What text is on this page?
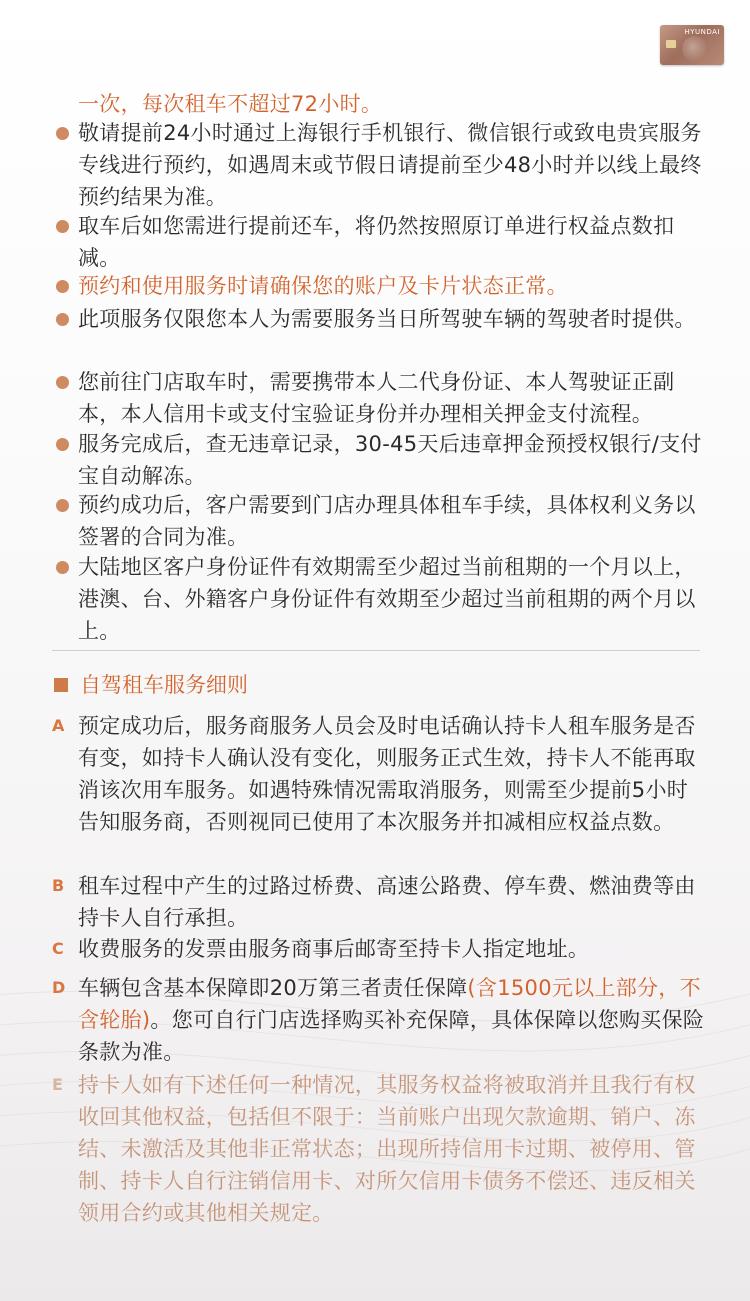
HYUNDAI
一次，每次租车不超过72小时。
敬请提前24小时通过上海银行手机银行、微信银行或致电贵宾服务专线进行预约，如遇周末或节假日请提前至少48小时并以线上最终预约结果为准。
取车后如您需进行提前还车，将仍然按照原订单进行权益点数扣减。
预约和使用服务时请确保您的账户及卡片状态正常。
此项服务仅限您本人为需要服务当日所驾驶车辆的驾驶者时提供。
您前往门店取车时，需要携带本人二代身份证、本人驾驶证正副本，本人信用卡或支付宝验证身份并办理相关押金支付流程。
服务完成后，查无违章记录，30-45天后违章押金预授权银行/支付宝自动解冻。
预约成功后，客户需要到门店办理具体租车手续，具体权利义务以签署的合同为准。
大陆地区客户身份证件有效期需至少超过当前租期的一个月以上，港澳、台、外籍客户身份证件有效期至少超过当前租期的两个月以上。
自驾租车服务细则
A 预定成功后，服务商服务人员会及时电话确认持卡人租车服务是否有变，如持卡人确认没有变化，则服务正式生效，持卡人不能再取消该次用车服务。如遇特殊情况需取消服务，则需至少提前5小时告知服务商，否则视同已使用了本次服务并扣减相应权益点数。
B 租车过程中产生的过路过桥费、高速公路费、停车费、燃油费等由持卡人自行承担。
C 收费服务的发票由服务商事后邮寄至持卡人指定地址。
D 车辆包含基本保障即20万第三者责任保障(含1500元以上部分，不含轮胎)。您可自行门店选择购买补充保障，具体保障以您购买保险条款为准。
E 持卡人如有下述任何一种情况，其服务权益将被取消并且我行有权收回其他权益，包括但不限于：当前账户出现欠款逾期、销户、冻结、未激活及其他非正常状态；出现所持信用卡过期、被停用、管制、持卡人自行注销信用卡、对所欠信用卡债务不偿还、违反相关领用合约或其他相关规定。
